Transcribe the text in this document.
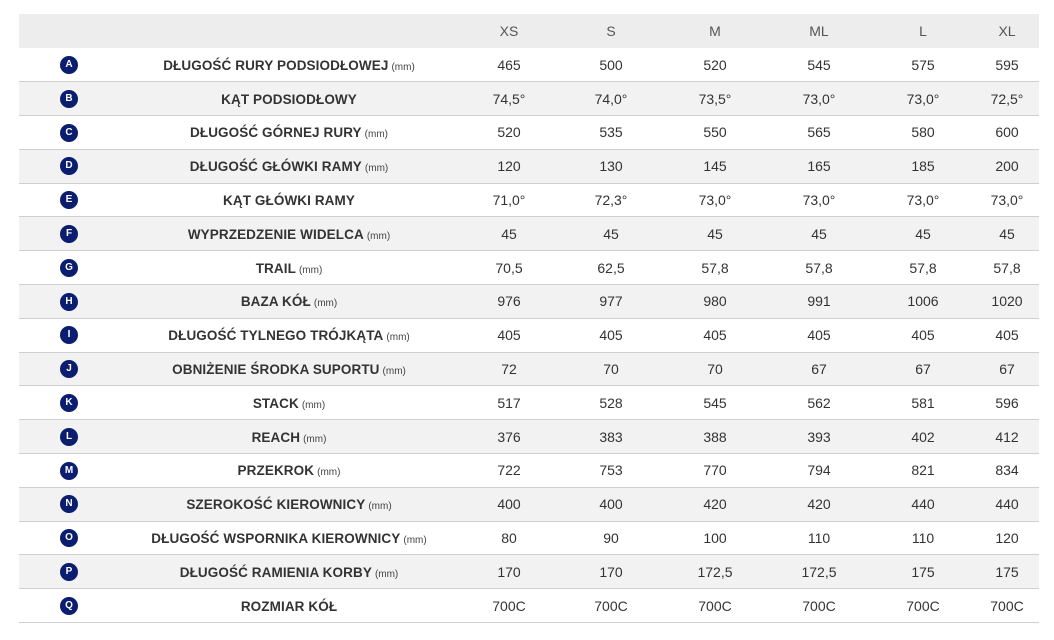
		XS	S	M	ML	L	XL	
A	DŁUGOŚĆ RURY PODSIODŁOWEJ (mm)	465	500	520	545	575	595	
B	KĄT PODSIODŁOWY	74,5°	74,0°	73,5°	73,0°	73,0°	72,5°	
C	DŁUGOŚĆ GÓRNEJ RURY (mm)	520	535	550	565	580	600	
D	DŁUGOŚĆ GŁÓWKI RAMY (mm)	120	130	145	165	185	200	
E	KĄT GŁÓWKI RAMY	71,0°	72,3°	73,0°	73,0°	73,0°	73,0°	
F	WYPRZEDZENIE WIDELCA (mm)	45	45	45	45	45	45	
G	TRAIL (mm)	70,5	62,5	57,8	57,8	57,8	57,8	
H	BAZA KÓŁ (mm)	976	977	980	991	1006	1020	
I	DŁUGOŚĆ TYLNEGO TRÓJKĄTA (mm)	405	405	405	405	405	405	
J	OBNIŻENIE ŚRODKA SUPORTU (mm)	72	70	70	67	67	67	
K	STACK (mm)	517	528	545	562	581	596	
L	REACH (mm)	376	383	388	393	402	412	
M	PRZEKROK (mm)	722	753	770	794	821	834	
N	SZEROKOŚĆ KIEROWNICY (mm)	400	400	420	420	440	440	
O	DŁUGOŚĆ WSPORNIKA KIEROWNICY (mm)	80	90	100	110	110	120	
P	DŁUGOŚĆ RAMIENIA KORBY (mm)	170	170	172,5	172,5	175	175	
Q	ROZMIAR KÓŁ	700C	700C	700C	700C	700C	700C	
